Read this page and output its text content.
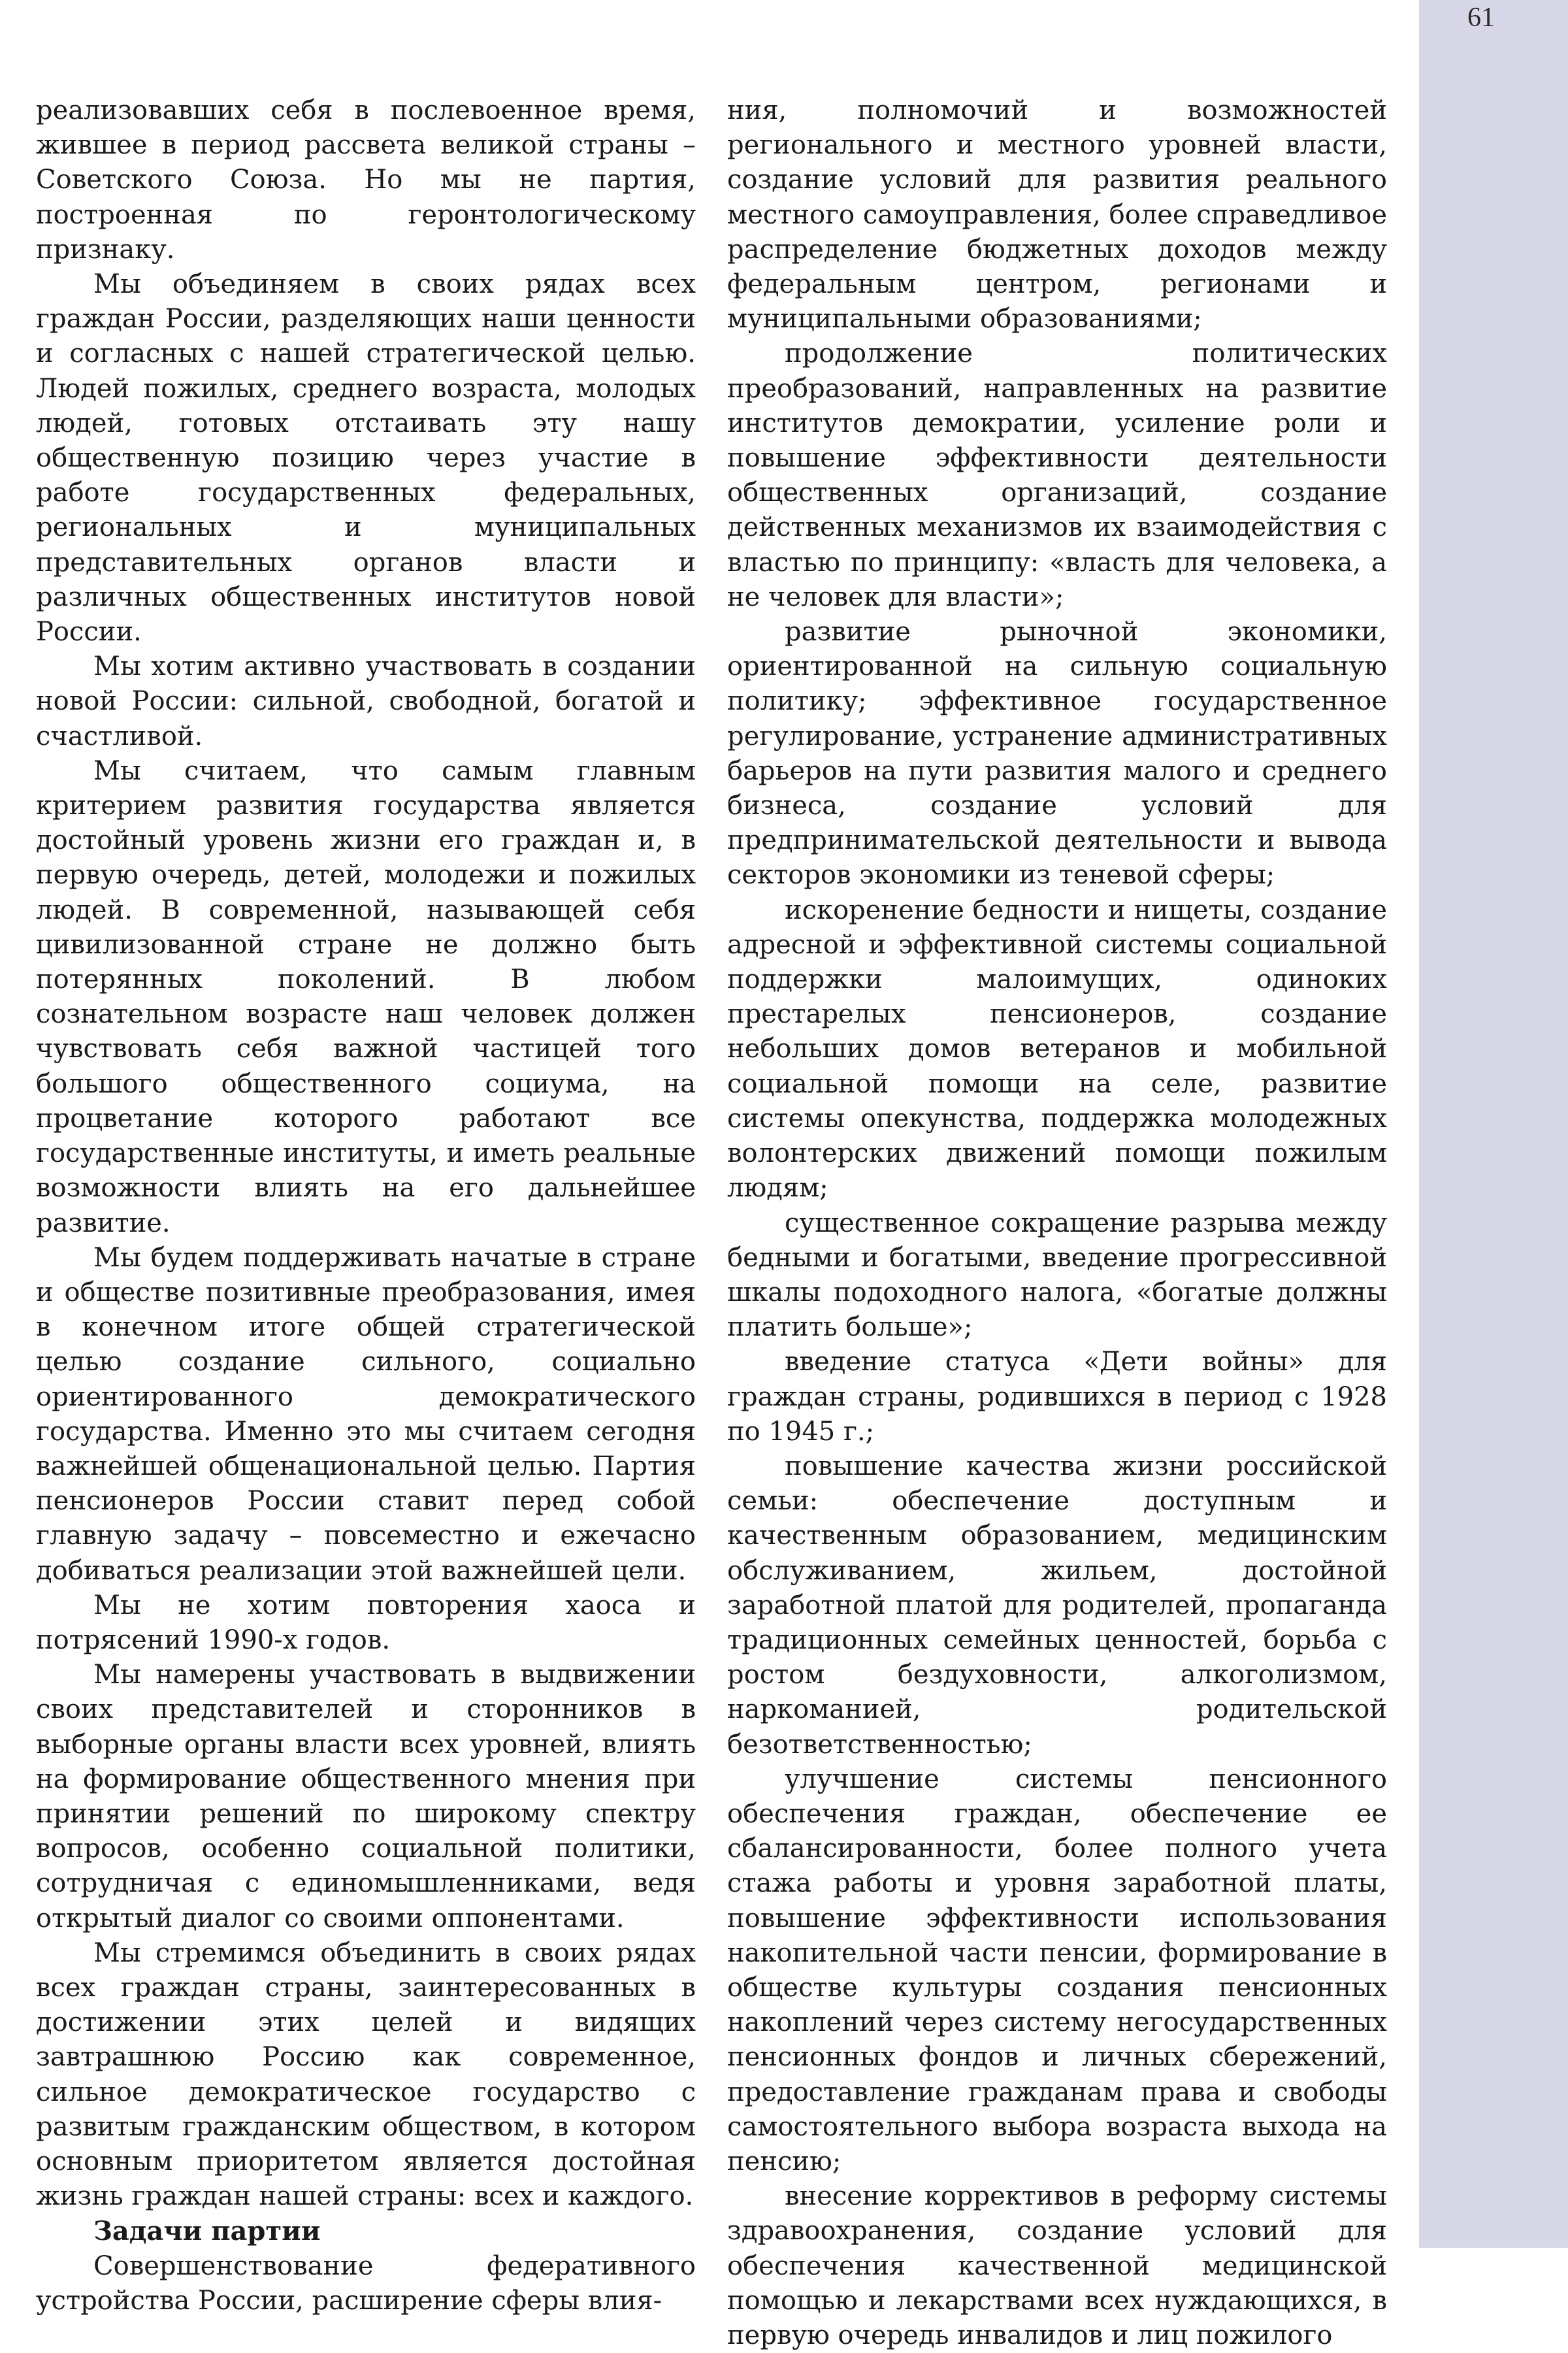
61

реализовавших себя в послевоенное время, жившее в период рассвета великой страны – Советского Союза. Но мы не партия, построенная по геронтологическому признаку.

Мы объединяем в своих рядах всех граждан России, разделяющих наши ценности и согласных с нашей стратегической целью. Людей пожилых, среднего возраста, молодых людей, готовых отстаивать эту нашу общественную позицию через участие в работе государственных федеральных, региональных и муниципальных представительных органов власти и различных общественных институтов новой России.

Мы хотим активно участвовать в создании новой России: сильной, свободной, богатой и счастливой.

Мы считаем, что самым главным критерием развития государства является достойный уровень жизни его граждан и, в первую очередь, детей, молодежи и пожилых людей. В современной, называющей себя цивилизованной стране не должно быть потерянных поколений. В любом сознательном возрасте наш человек должен чувствовать себя важной частицей того большого общественного социума, на процветание которого работают все государственные институты, и иметь реальные возможности влиять на его дальнейшее развитие.

Мы будем поддерживать начатые в стране и обществе позитивные преобразования, имея в конечном итоге общей стратегической целью создание сильного, социально ориентированного демократического государства. Именно это мы считаем сегодня важнейшей общенациональной целью. Партия пенсионеров России ставит перед собой главную задачу – повсеместно и ежечасно добиваться реализации этой важнейшей цели.

Мы не хотим повторения хаоса и потрясений 1990-х годов.

Мы намерены участвовать в выдвижении своих представителей и сторонников в выборные органы власти всех уровней, влиять на формирование общественного мнения при принятии решений по широкому спектру вопросов, особенно социальной политики, сотрудничая с единомышленниками, ведя открытый диалог со своими оппонентами.

Мы стремимся объединить в своих рядах всех граждан страны, заинтересованных в достижении этих целей и видящих завтрашнюю Россию как современное, сильное демократическое государство с развитым гражданским обществом, в котором основным приоритетом является достойная жизнь граждан нашей страны: всех и каждого.

Задачи партии

Совершенствование федеративного устройства России, расширение сферы влия-

ния, полномочий и возможностей регионального и местного уровней власти, создание условий для развития реального местного самоуправления, более справедливое распределение бюджетных доходов между федеральным центром, регионами и муниципальными образованиями;

продолжение политических преобразований, направленных на развитие институтов демократии, усиление роли и повышение эффективности деятельности общественных организаций, создание действенных механизмов их взаимодействия с властью по принципу: «власть для человека, а не человек для власти»;

развитие рыночной экономики, ориентированной на сильную социальную политику; эффективное государственное регулирование, устранение административных барьеров на пути развития малого и среднего бизнеса, создание условий для предпринимательской деятельности и вывода секторов экономики из теневой сферы;

искоренение бедности и нищеты, создание адресной и эффективной системы социальной поддержки малоимущих, одиноких престарелых пенсионеров, создание небольших домов ветеранов и мобильной социальной помощи на селе, развитие системы опекунства, поддержка молодежных волонтерских движений помощи пожилым людям;

существенное сокращение разрыва между бедными и богатыми, введение прогрессивной шкалы подоходного налога, «богатые должны платить больше»;

введение статуса «Дети войны» для граждан страны, родившихся в период с 1928 по 1945 г.;

повышение качества жизни российской семьи: обеспечение доступным и качественным образованием, медицинским обслуживанием, жильем, достойной заработной платой для родителей, пропаганда традиционных семейных ценностей, борьба с ростом бездуховности, алкоголизмом, наркоманией, родительской безответственностью;

улучшение системы пенсионного обеспечения граждан, обеспечение ее сбалансированности, более полного учета стажа работы и уровня заработной платы, повышение эффективности использования накопительной части пенсии, формирование в обществе культуры создания пенсионных накоплений через систему негосударственных пенсионных фондов и личных сбережений, предоставление гражданам права и свободы самостоятельного выбора возраста выхода на пенсию;

внесение коррективов в реформу системы здравоохранения, создание условий для обеспечения качественной медицинской помощью и лекарствами всех нуждающихся, в первую очередь инвалидов и лиц пожилого
